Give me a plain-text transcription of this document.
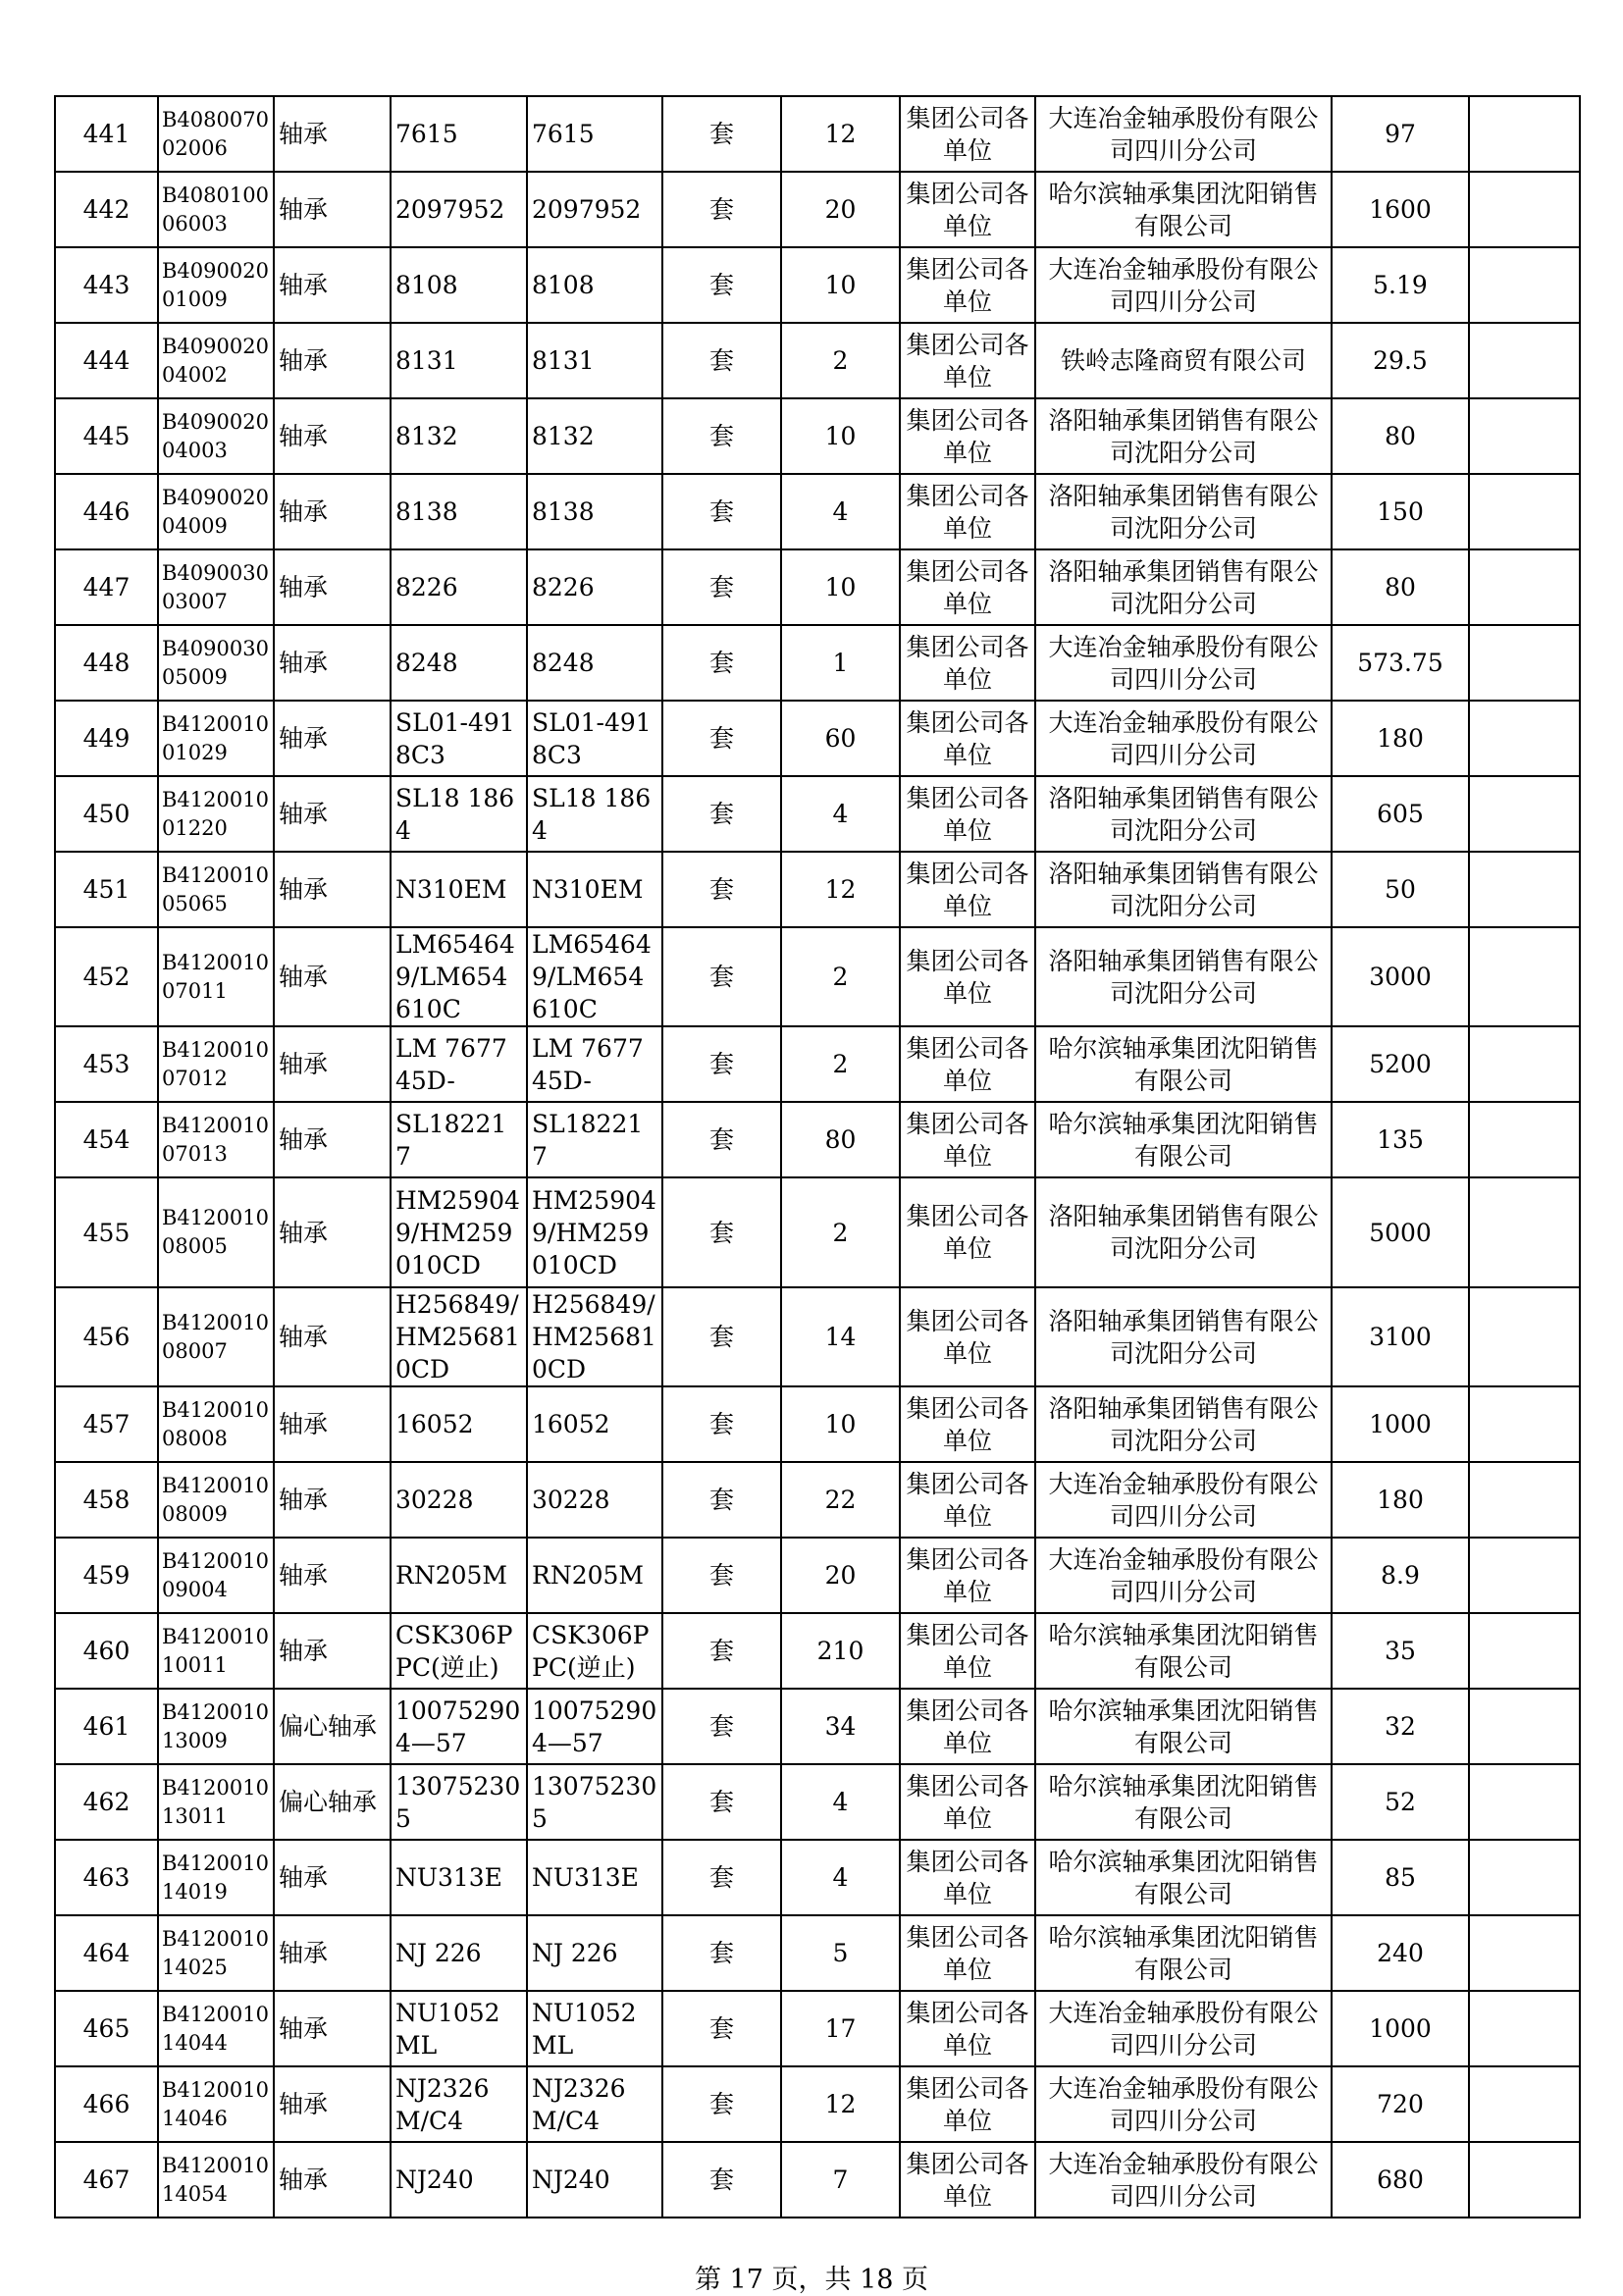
441	B408007002006	轴承	7615	7615	套	12	集团公司各单位	大连冶金轴承股份有限公司四川分公司	97	
442	B408010006003	轴承	2097952	2097952	套	20	集团公司各单位	哈尔滨轴承集团沈阳销售有限公司	1600	
443	B409002001009	轴承	8108	8108	套	10	集团公司各单位	大连冶金轴承股份有限公司四川分公司	5.19	
444	B409002004002	轴承	8131	8131	套	2	集团公司各单位	铁岭志隆商贸有限公司	29.5	
445	B409002004003	轴承	8132	8132	套	10	集团公司各单位	洛阳轴承集团销售有限公司沈阳分公司	80	
446	B409002004009	轴承	8138	8138	套	4	集团公司各单位	洛阳轴承集团销售有限公司沈阳分公司	150	
447	B409003003007	轴承	8226	8226	套	10	集团公司各单位	洛阳轴承集团销售有限公司沈阳分公司	80	
448	B409003005009	轴承	8248	8248	套	1	集团公司各单位	大连冶金轴承股份有限公司四川分公司	573.75	
449	B412001001029	轴承	SL01-4918C3	SL01-4918C3	套	60	集团公司各单位	大连冶金轴承股份有限公司四川分公司	180	
450	B412001001220	轴承	SL18 1864	SL18 1864	套	4	集团公司各单位	洛阳轴承集团销售有限公司沈阳分公司	605	
451	B412001005065	轴承	N310EM	N310EM	套	12	集团公司各单位	洛阳轴承集团销售有限公司沈阳分公司	50	
452	B412001007011	轴承	LM654649/LM654610C	LM654649/LM654610C	套	2	集团公司各单位	洛阳轴承集团销售有限公司沈阳分公司	3000	
453	B412001007012	轴承	LM 767745D-	LM 767745D-	套	2	集团公司各单位	哈尔滨轴承集团沈阳销售有限公司	5200	
454	B412001007013	轴承	SL182217	SL182217	套	80	集团公司各单位	哈尔滨轴承集团沈阳销售有限公司	135	
455	B412001008005	轴承	HM259049/HM259010CD	HM259049/HM259010CD	套	2	集团公司各单位	洛阳轴承集团销售有限公司沈阳分公司	5000	
456	B412001008007	轴承	H256849/HM256810CD	H256849/HM256810CD	套	14	集团公司各单位	洛阳轴承集团销售有限公司沈阳分公司	3100	
457	B412001008008	轴承	16052	16052	套	10	集团公司各单位	洛阳轴承集团销售有限公司沈阳分公司	1000	
458	B412001008009	轴承	30228	30228	套	22	集团公司各单位	大连冶金轴承股份有限公司四川分公司	180	
459	B412001009004	轴承	RN205M	RN205M	套	20	集团公司各单位	大连冶金轴承股份有限公司四川分公司	8.9	
460	B412001010011	轴承	CSK306PPC(逆止)	CSK306PPC(逆止)	套	210	集团公司各单位	哈尔滨轴承集团沈阳销售有限公司	35	
461	B412001013009	偏心轴承	100752904—57	100752904—57	套	34	集团公司各单位	哈尔滨轴承集团沈阳销售有限公司	32	
462	B412001013011	偏心轴承	130752305	130752305	套	4	集团公司各单位	哈尔滨轴承集团沈阳销售有限公司	52	
463	B412001014019	轴承	NU313E	NU313E	套	4	集团公司各单位	哈尔滨轴承集团沈阳销售有限公司	85	
464	B412001014025	轴承	NJ 226	NJ 226	套	5	集团公司各单位	哈尔滨轴承集团沈阳销售有限公司	240	
465	B412001014044	轴承	NU1052ML	NU1052ML	套	17	集团公司各单位	大连冶金轴承股份有限公司四川分公司	1000	
466	B412001014046	轴承	NJ2326M/C4	NJ2326M/C4	套	12	集团公司各单位	大连冶金轴承股份有限公司四川分公司	720	
467	B412001014054	轴承	NJ240	NJ240	套	7	集团公司各单位	大连冶金轴承股份有限公司四川分公司	680	
第 17 页，共 18 页
